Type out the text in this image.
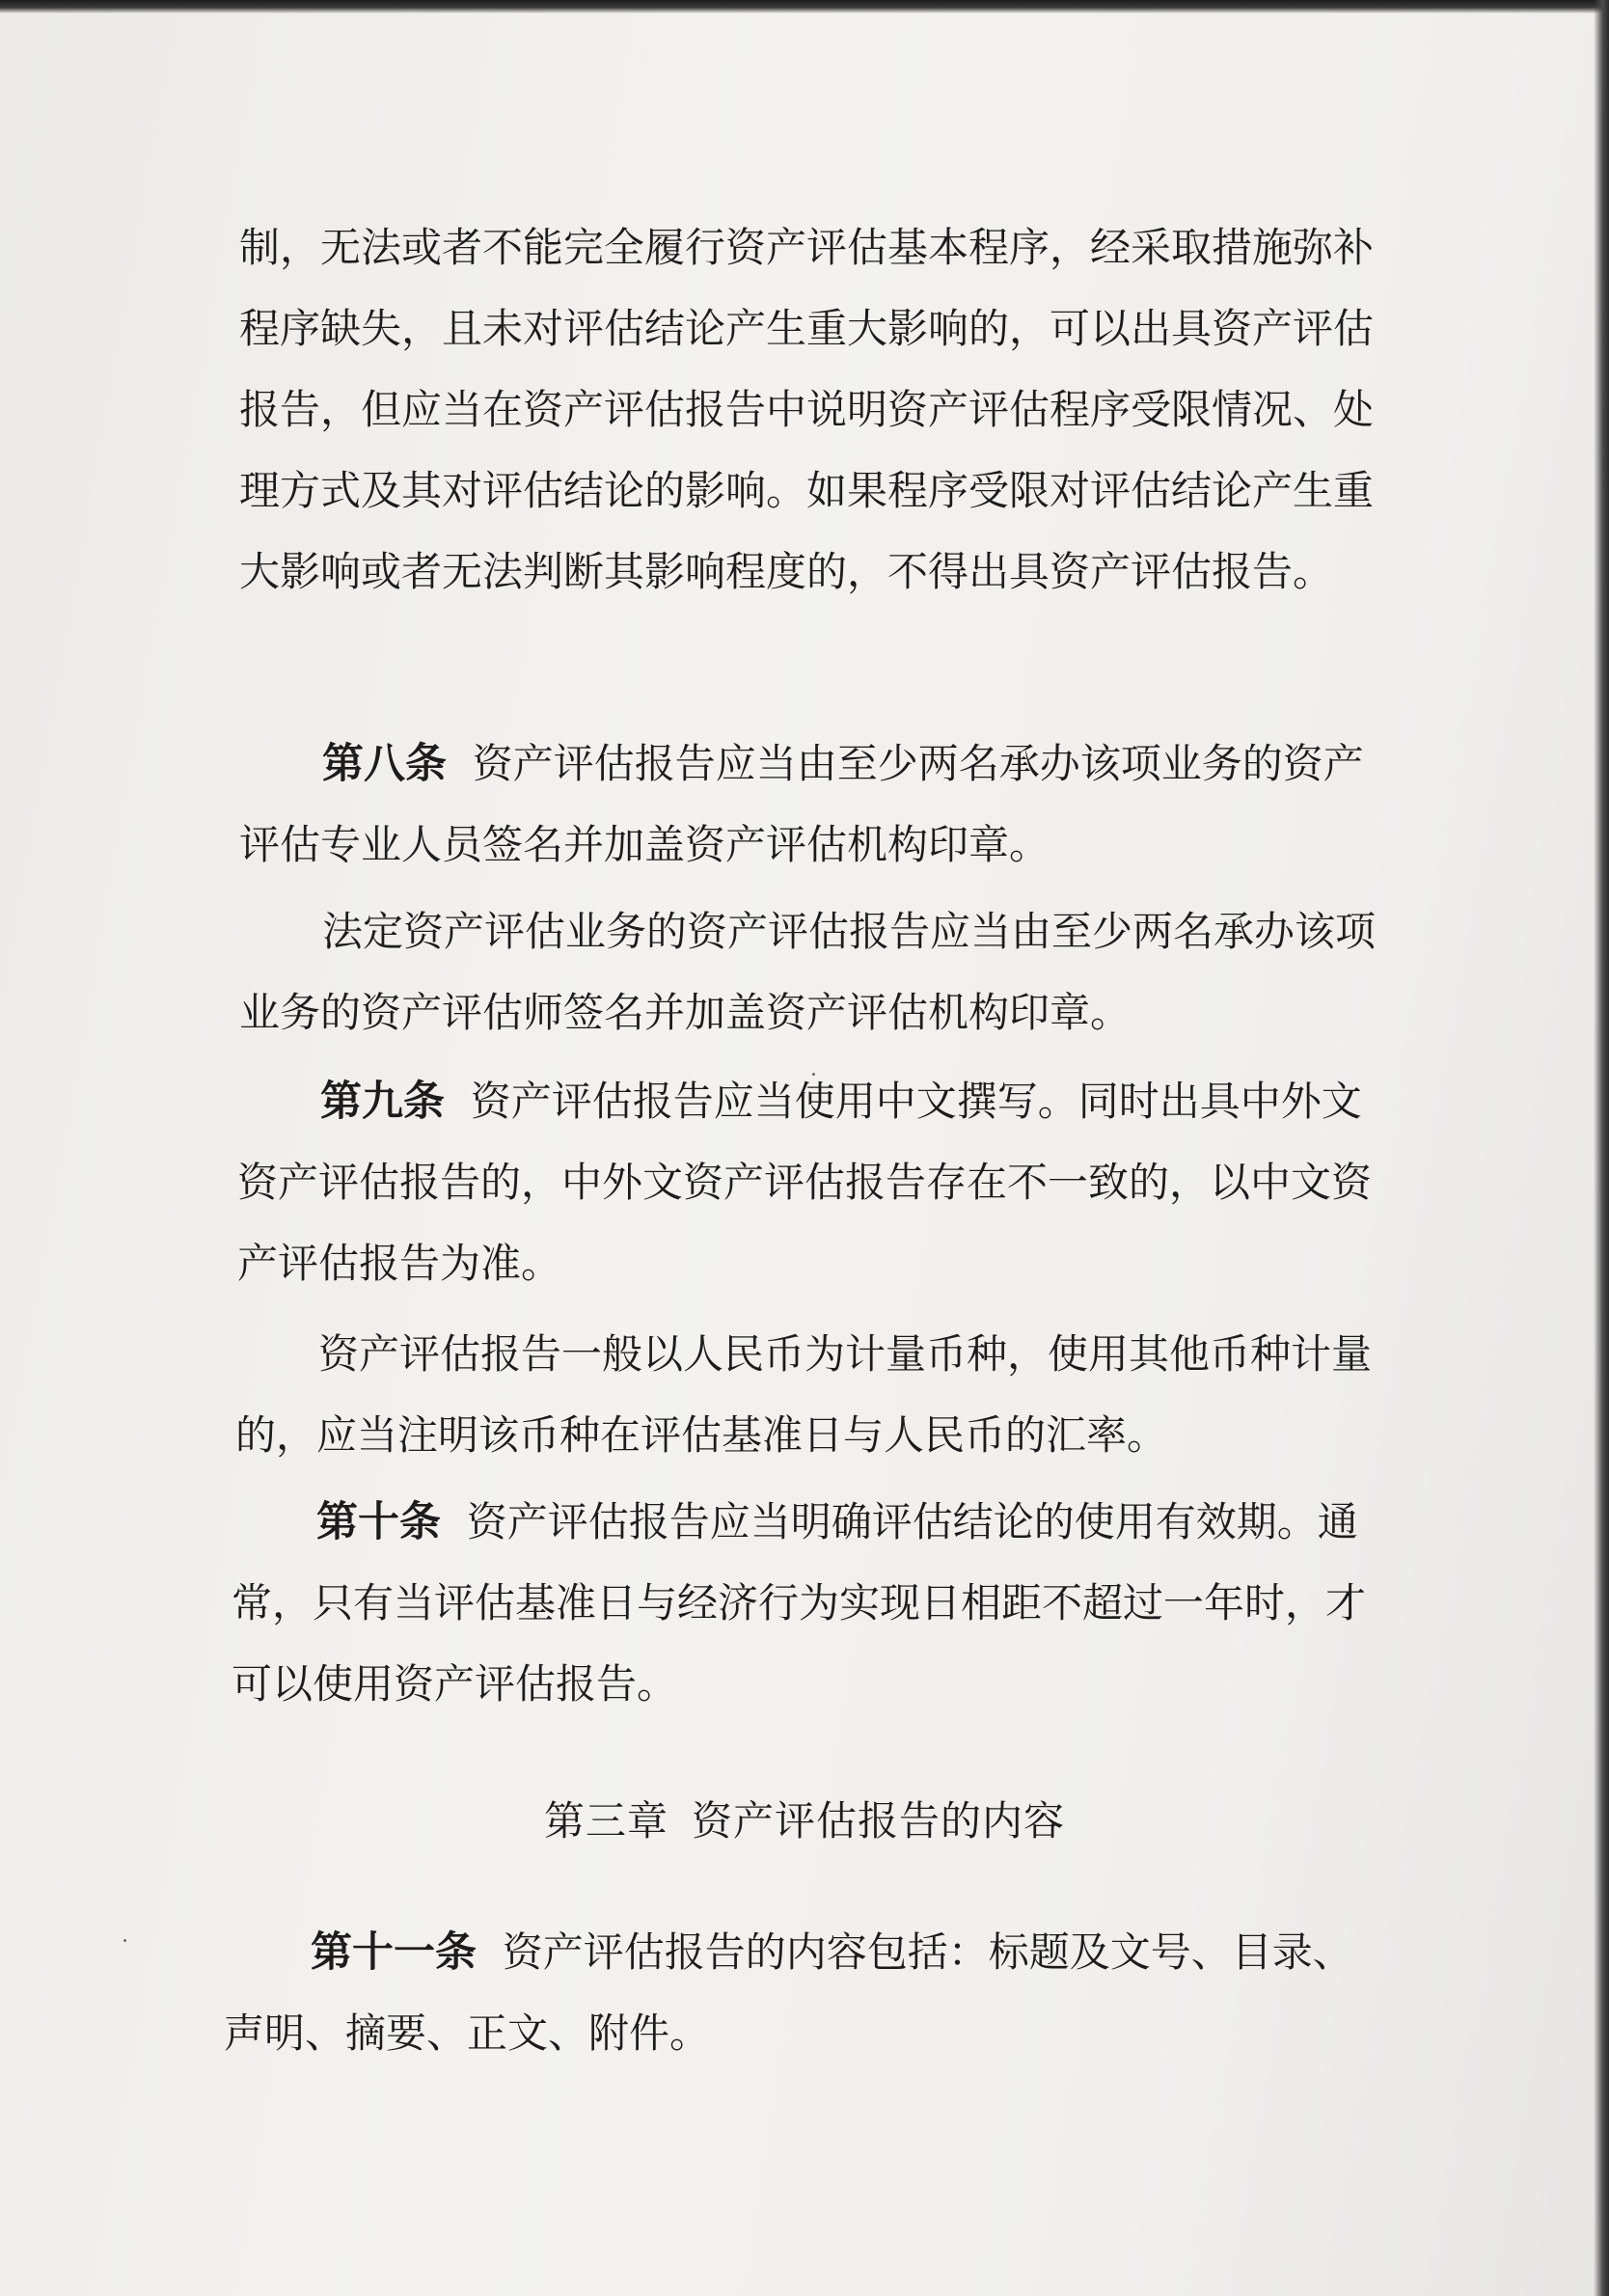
制，无法或者不能完全履行资产评估基本程序，经采取措施弥补程序缺失，且未对评估结论产生重大影响的，可以出具资产评估报告，但应当在资产评估报告中说明资产评估程序受限情况、处理方式及其对评估结论的影响。如果程序受限对评估结论产生重大影响或者无法判断其影响程度的，不得出具资产评估报告。

第八条 资产评估报告应当由至少两名承办该项业务的资产评估专业人员签名并加盖资产评估机构印章。

法定资产评估业务的资产评估报告应当由至少两名承办该项业务的资产评估师签名并加盖资产评估机构印章。

第九条 资产评估报告应当使用中文撰写。同时出具中外文资产评估报告的，中外文资产评估报告存在不一致的，以中文资产评估报告为准。

资产评估报告一般以人民币为计量币种，使用其他币种计量的，应当注明该币种在评估基准日与人民币的汇率。

第十条 资产评估报告应当明确评估结论的使用有效期。通常，只有当评估基准日与经济行为实现日相距不超过一年时，才可以使用资产评估报告。

第三章 资产评估报告的内容

第十一条 资产评估报告的内容包括：标题及文号、目录、声明、摘要、正文、附件。
